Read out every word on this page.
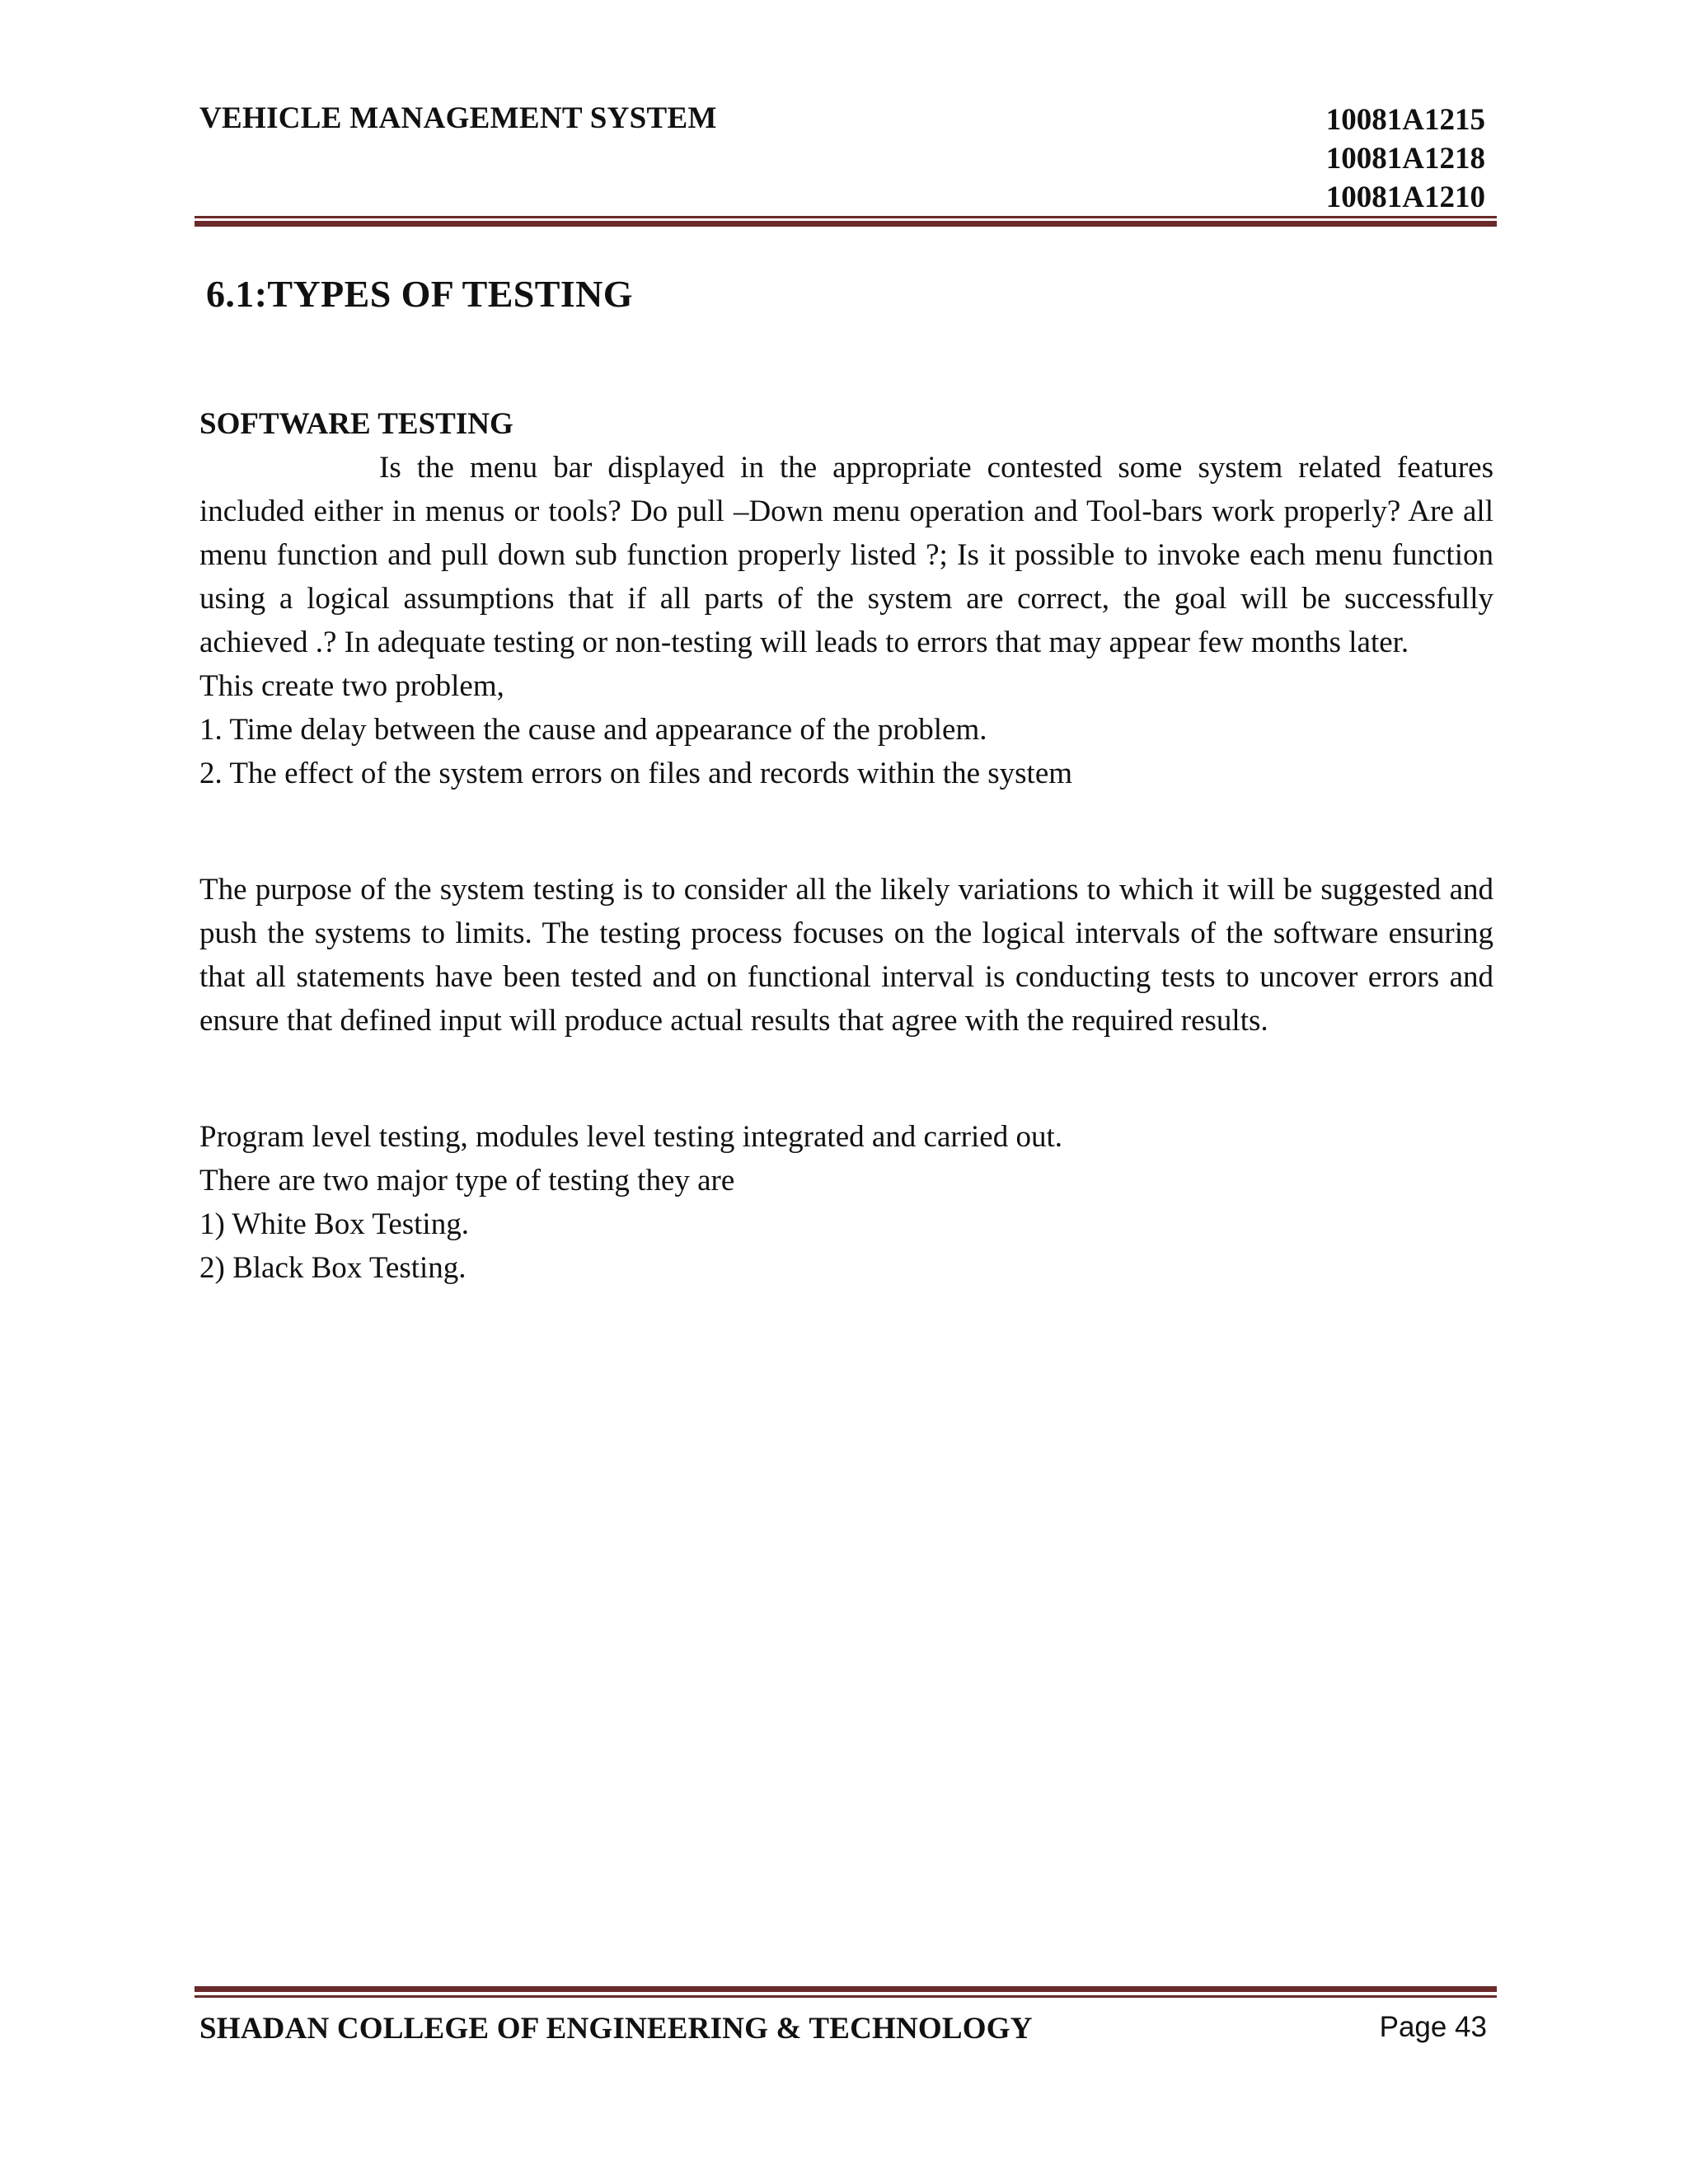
VEHICLE MANAGEMENT SYSTEM	10081A1215
10081A1218
10081A1210
6.1:TYPES OF TESTING

SOFTWARE TESTING

Is the menu bar displayed in the appropriate contested some system related features included either in menus or tools? Do pull –Down menu operation and Tool-bars work properly? Are all menu function and pull down sub function properly listed ?; Is it possible to invoke each menu function using a logical assumptions that if all parts of the system are correct, the goal will be successfully achieved .? In adequate testing or non-testing will leads to errors that may appear few months later.

This create two problem,

1. Time delay between the cause and appearance of the problem.

2. The effect of the system errors on files and records within the system

The purpose of the system testing is to consider all the likely variations to which it will be suggested and push the systems to limits. The testing process focuses on the logical intervals of the software ensuring that all statements have been tested and on functional interval is conducting tests to uncover errors and ensure that defined input will produce actual results that agree with the required results.

Program level testing, modules level testing integrated and carried out.

There are two major type of testing they are

1) White Box Testing.

2) Black Box Testing.

SHADAN COLLEGE OF ENGINEERING & TECHNOLOGY	Page 43
